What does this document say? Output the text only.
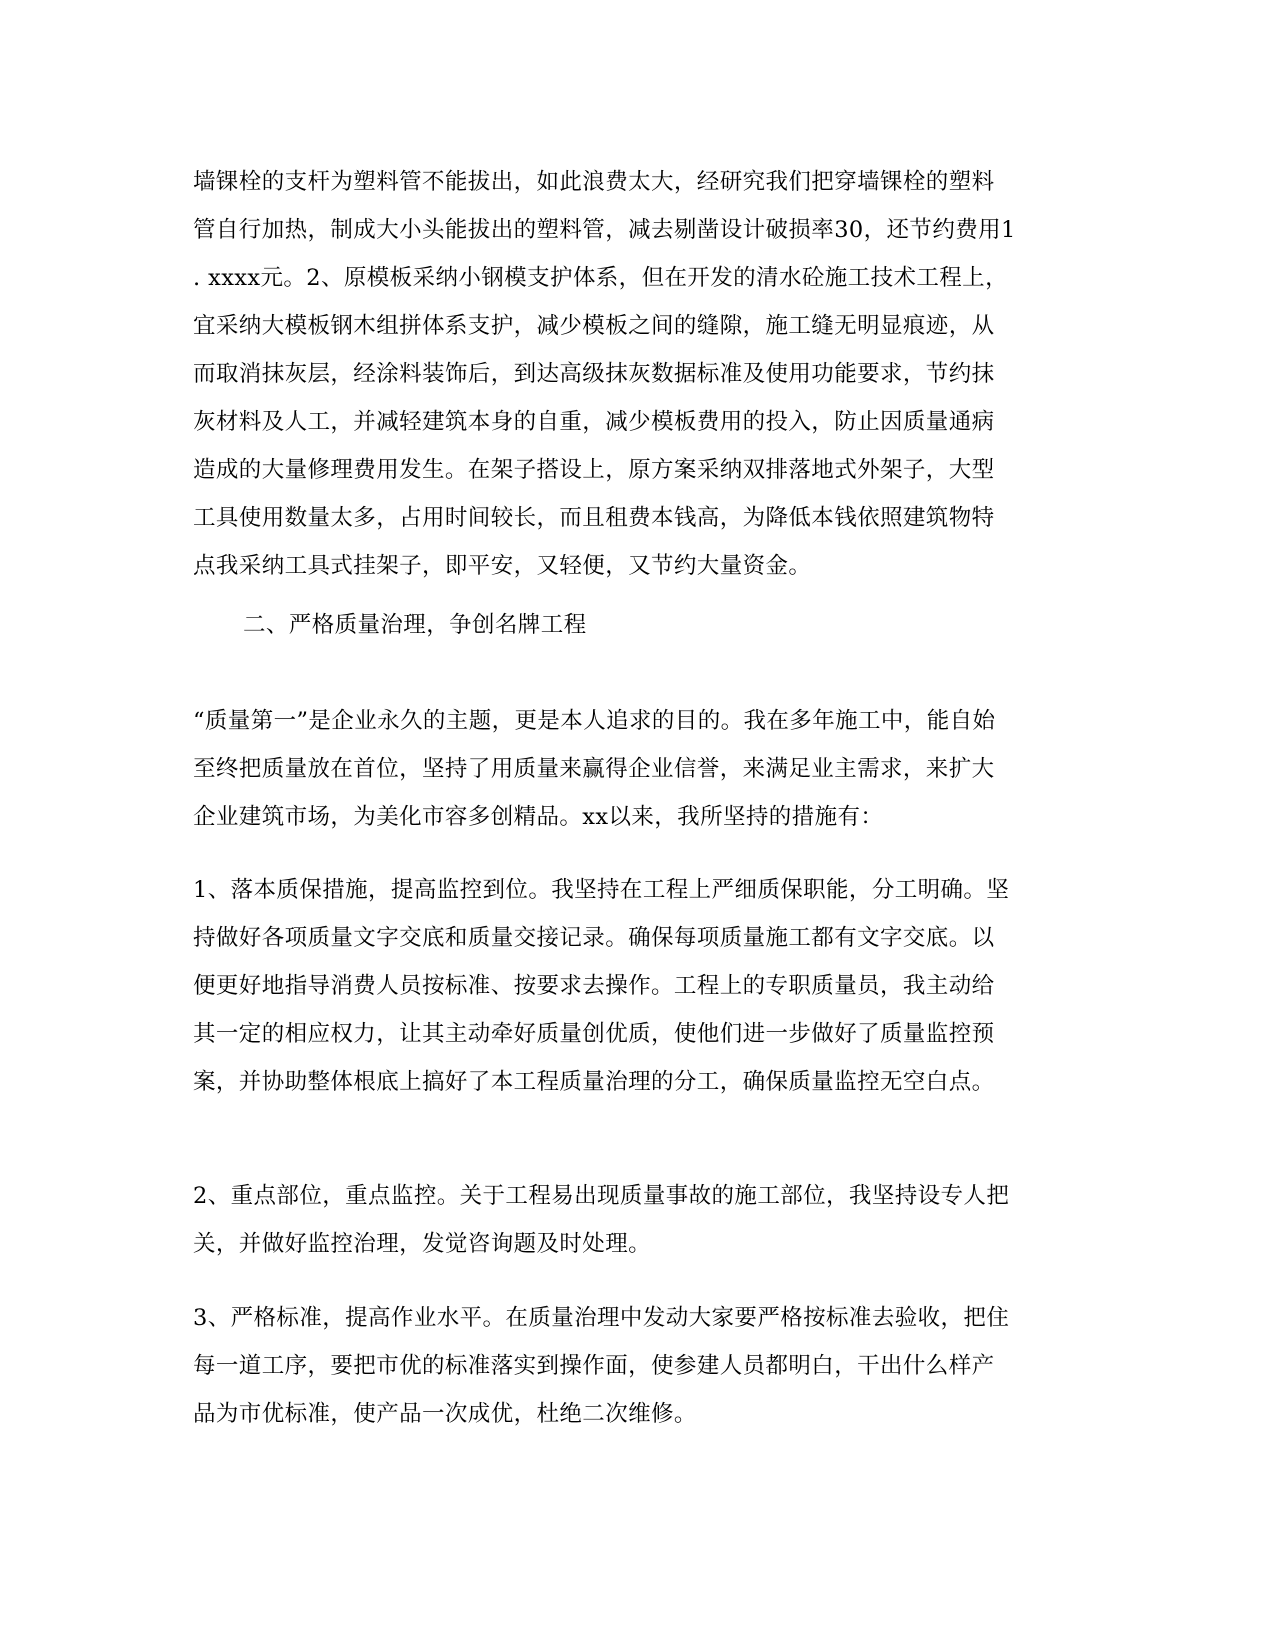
墙锞栓的支杆为塑料管不能拔出，如此浪费太大，经研究我们把穿墙锞栓的塑料
管自行加热，制成大小头能拔出的塑料管，减去剔凿设计破损率30，还节约费用1
. xxxx元。2、原模板采纳小钢模支护体系，但在开发的清水砼施工技术工程上，
宜采纳大模板钢木组拼体系支护，减少模板之间的缝隙，施工缝无明显痕迹，从
而取消抹灰层，经涂料装饰后，到达高级抹灰数据标准及使用功能要求，节约抹
灰材料及人工，并减轻建筑本身的自重，减少模板费用的投入，防止因质量通病
造成的大量修理费用发生。在架子搭设上，原方案采纳双排落地式外架子，大型
工具使用数量太多，占用时间较长，而且租费本钱高，为降低本钱依照建筑物特
点我采纳工具式挂架子，即平安，又轻便，又节约大量资金。
二、严格质量治理，争创名牌工程
“质量第一”是企业永久的主题，更是本人追求的目的。我在多年施工中，能自始
至终把质量放在首位，坚持了用质量来赢得企业信誉，来满足业主需求，来扩大
企业建筑市场，为美化市容多创精品。xx以来，我所坚持的措施有：
1、落本质保措施，提高监控到位。我坚持在工程上严细质保职能，分工明确。坚
持做好各项质量文字交底和质量交接记录。确保每项质量施工都有文字交底。以
便更好地指导消费人员按标准、按要求去操作。工程上的专职质量员，我主动给
其一定的相应权力，让其主动牵好质量创优质，使他们进一步做好了质量监控预
案，并协助整体根底上搞好了本工程质量治理的分工，确保质量监控无空白点。
2、重点部位，重点监控。关于工程易出现质量事故的施工部位，我坚持设专人把
关，并做好监控治理，发觉咨询题及时处理。
3、严格标准，提高作业水平。在质量治理中发动大家要严格按标准去验收，把住
每一道工序，要把市优的标准落实到操作面，使参建人员都明白，干出什么样产
品为市优标准，使产品一次成优，杜绝二次维修。
